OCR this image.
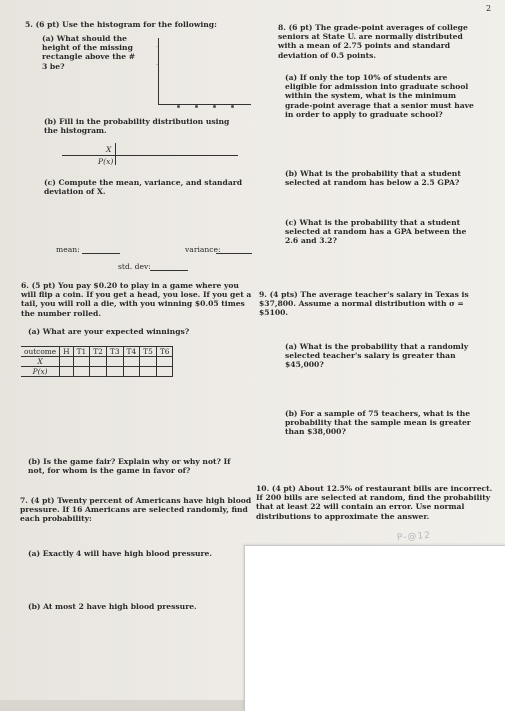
2
5. (6 pt) Use the histogram for the following:
(a) What should the height of the missing rectangle above the # 3 be?
–
–
(b) Fill in the probability distribution using the histogram.
X
P(x)
(c) Compute the mean, variance, and standard deviation of X.
mean:	variance:
std. dev:
6. (5 pt) You pay $0.20 to play in a game where you will flip a coin. If you get a head, you lose. If you get a tail, you will roll a die, with you winning $0.05 times the number rolled.
(a) What are your expected winnings?
outcome	H	T1	T2	T3	T4	T5	T6
X							
P(x)							
(b) Is the game fair? Explain why or why not? If not, for whom is the game in favor of?
7. (4 pt) Twenty percent of Americans have high blood pressure. If 16 Americans are selected randomly, find each probability:
(a) Exactly 4 will have high blood pressure.
(b) At most 2 have high blood pressure.
8. (6 pt) The grade-point averages of college seniors at State U. are normally distributed with a mean of 2.75 points and standard deviation of 0.5 points.
(a) If only the top 10% of students are eligible for admission into graduate school within the system, what is the minimum grade-point average that a senior must have in order to apply to graduate school?
(b) What is the probability that a student selected at random has below a 2.5 GPA?
(c) What is the probability that a student selected at random has a GPA between the 2.6 and 3.2?
9. (4 pts) The average teacher's salary in Texas is $37,800. Assume a normal distribution with σ = $5100.
(a) What is the probability that a randomly selected teacher's salary is greater than $45,000?
(b) For a sample of 75 teachers, what is the probability that the sample mean is greater than $38,000?
10. (4 pt) About 12.5% of restaurant bills are incorrect. If 200 bills are selected at random, find the probability that at least 22 will contain an error. Use normal distributions to approximate the answer.
P-@12
